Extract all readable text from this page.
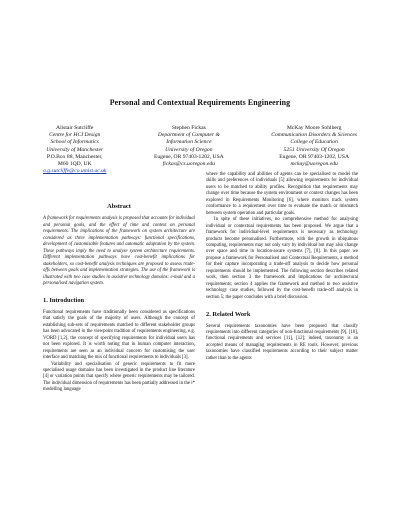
Personal and Contextual Requirements Engineering
Alistair Sutcliffe
Centre for HCI Design
School of Informatics
University of Manchester
P.O.Box 88, Manchester,
M60 1QD, UK
a.g.sutcliffe@co.umist.ac.uk
Stephen Fickas
Department of Computer &
Information Science
University of Oregon
Eugene, OR 97403-1202, USA
fickas@cs.uoregon.edu
McKay Moore Sohlberg
Communication Disorders & Sciences
College of Education
5251 University Of Oregon
Eugene, OR 97403-1202, USA
mckay@uoregon.edu
Abstract

A framework for requirements analysis is proposed that accounts for individual and personal goals, and the effect of time and context on personal requirements. The implications of the framework on system architecture are considered as three implementation pathways: functional specifications, development of customisable features and automatic adaptation by the system. These pathways imply the need to analyse system architecture requirements. Different implementation pathways have cost-benefit implications for stakeholders, so cost-benefit analysis techniques are proposed to assess trade-offs between goals and implementation strategies. The use of the framework is illustrated with two case studies in assistive technology domains: e-mail and a personalised navigation system.

1. Introduction

Functional requirements have traditionally been considered as specifications that satisfy the goals of the majority of users. Although the concept of establishing sub-sets of requirements matched to different stakeholder groups has been advocated in the viewpoint tradition of requirements engineering, e.g. VORD [1,2], the concept of specifying requirements for individual users has not been explored. It is worth noting that in human computer interaction, requirements are seen as an individual concern for customising the user interface and matching the mix of functional requirements to individuals [3].

Variability and specialisation of generic requirements to fit more specialised usage domains has been investigated in the product line literature [4] or variation points that specify where generic requirements may be tailored. The individual dimension of requirements has been partially addressed in the i* modelling language

where the capability and abilities of agents can be specialised to model the skills and preferences of individuals [5] allowing requirements for individual users to be matched to ability profiles. Recognition that requirements may change over time because the system environment or context changes has been explored in Requirements Monitoring [6], where monitors track system conformance to a requirement over time to evaluate the match or mismatch between system operation and particular goals.

In spite of these initiatives, no comprehensive method for analysing individual or contextual requirements has been proposed. We argue that a framework for individual-level requirements is necessary as technology products become personalised. Furthermore, with the growth in ubiquitous computing, requirements may not only vary by individual but may also change over space and time in location-aware systems [7], [8]. In this paper we propose a framework for Personalised and Contextual Requirements, a method for their capture incorporating a trade-off analysis to decide how personal requirements should be implemented. The following section describes related work, then section 3 the framework and implications for architectural requirements; section 4 applies the framework and method to two assistive technology case studies, followed by the cost-benefit trade-off analysis in section 5; the paper concludes with a brief discussion.

2. Related Work

Several requirements taxonomies have been proposed that classify requirements into different categories of non-functional requirements [9], [10], functional requirements and services [11], [12]; indeed, taxonomy is an accepted means of managing requirements in RE tools. However, previous taxonomies have classified requirements according to their subject matter rather than to the agents
